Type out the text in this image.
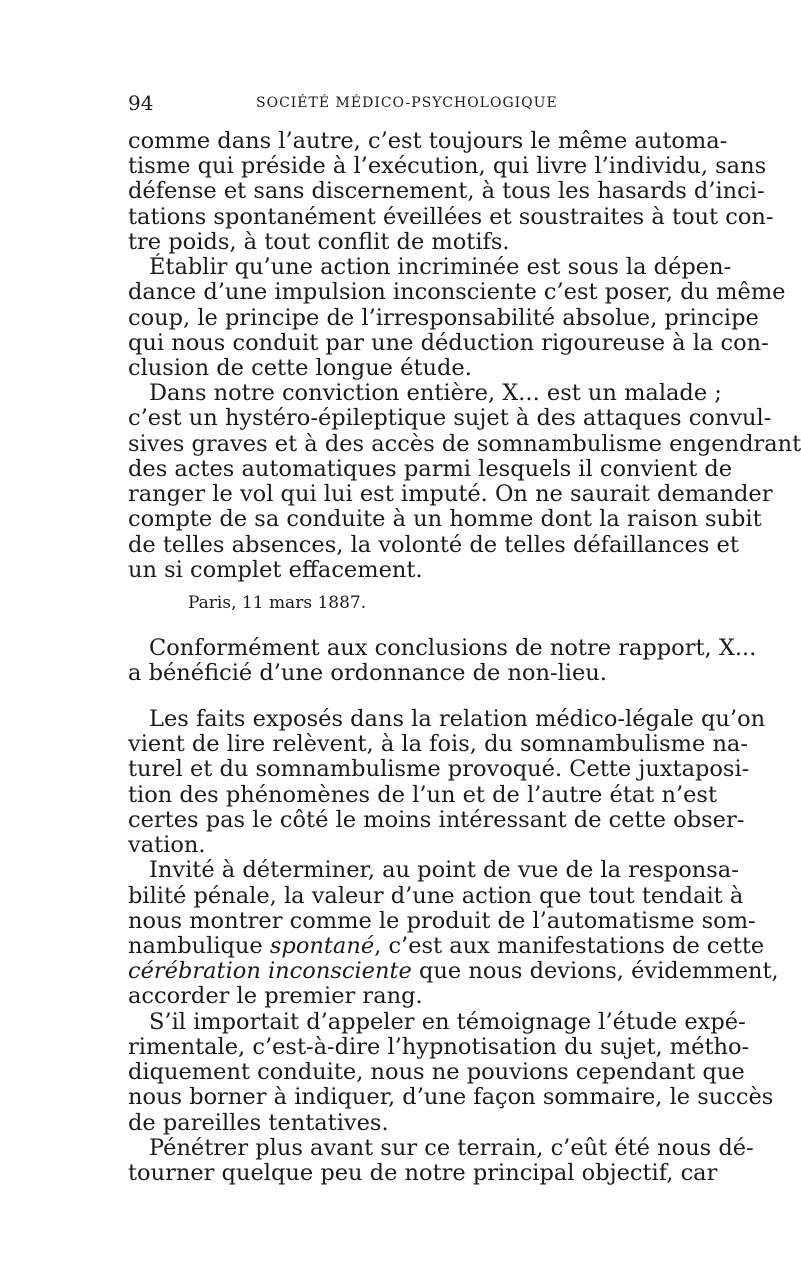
94	SOCIÉTÉ MÉDICO-PSYCHOLOGIQUE
comme dans l’autre, c’est toujours le même automa-
tisme qui préside à l’exécution, qui livre l’individu, sans
défense et sans discernement, à tous les hasards d’inci-
tations spontanément éveillées et soustraites à tout con-
tre poids, à tout conflit de motifs.
Établir qu’une action incriminée est sous la dépen-
dance d’une impulsion inconsciente c’est poser, du même
coup, le principe de l’irresponsabilité absolue, principe
qui nous conduit par une déduction rigoureuse à la con-
clusion de cette longue étude.
Dans notre conviction entière, X... est un malade ;
c’est un hystéro-épileptique sujet à des attaques convul-
sives graves et à des accès de somnambulisme engendrant
des actes automatiques parmi lesquels il convient de
ranger le vol qui lui est imputé. On ne saurait demander
compte de sa conduite à un homme dont la raison subit
de telles absences, la volonté de telles défaillances et
un si complet effacement.
Paris, 11 mars 1887.
Conformément aux conclusions de notre rapport, X...
a bénéficié d’une ordonnance de non-lieu.
Les faits exposés dans la relation médico-légale qu’on
vient de lire relèvent, à la fois, du somnambulisme na-
turel et du somnambulisme provoqué. Cette juxtaposi-
tion des phénomènes de l’un et de l’autre état n’est
certes pas le côté le moins intéressant de cette obser-
vation.
Invité à déterminer, au point de vue de la responsa-
bilité pénale, la valeur d’une action que tout tendait à
nous montrer comme le produit de l’automatisme som-
nambulique spontané, c’est aux manifestations de cette
cérébration inconsciente que nous devions, évidemment,
accorder le premier rang.
S’il importait d’appeler en témoignage l’étude expé-
rimentale, c’est-à-dire l’hypnotisation du sujet, métho-
diquement conduite, nous ne pouvions cependant que
nous borner à indiquer, d’une façon sommaire, le succès
de pareilles tentatives.
Pénétrer plus avant sur ce terrain, c’eût été nous dé-
tourner quelque peu de notre principal objectif, car
